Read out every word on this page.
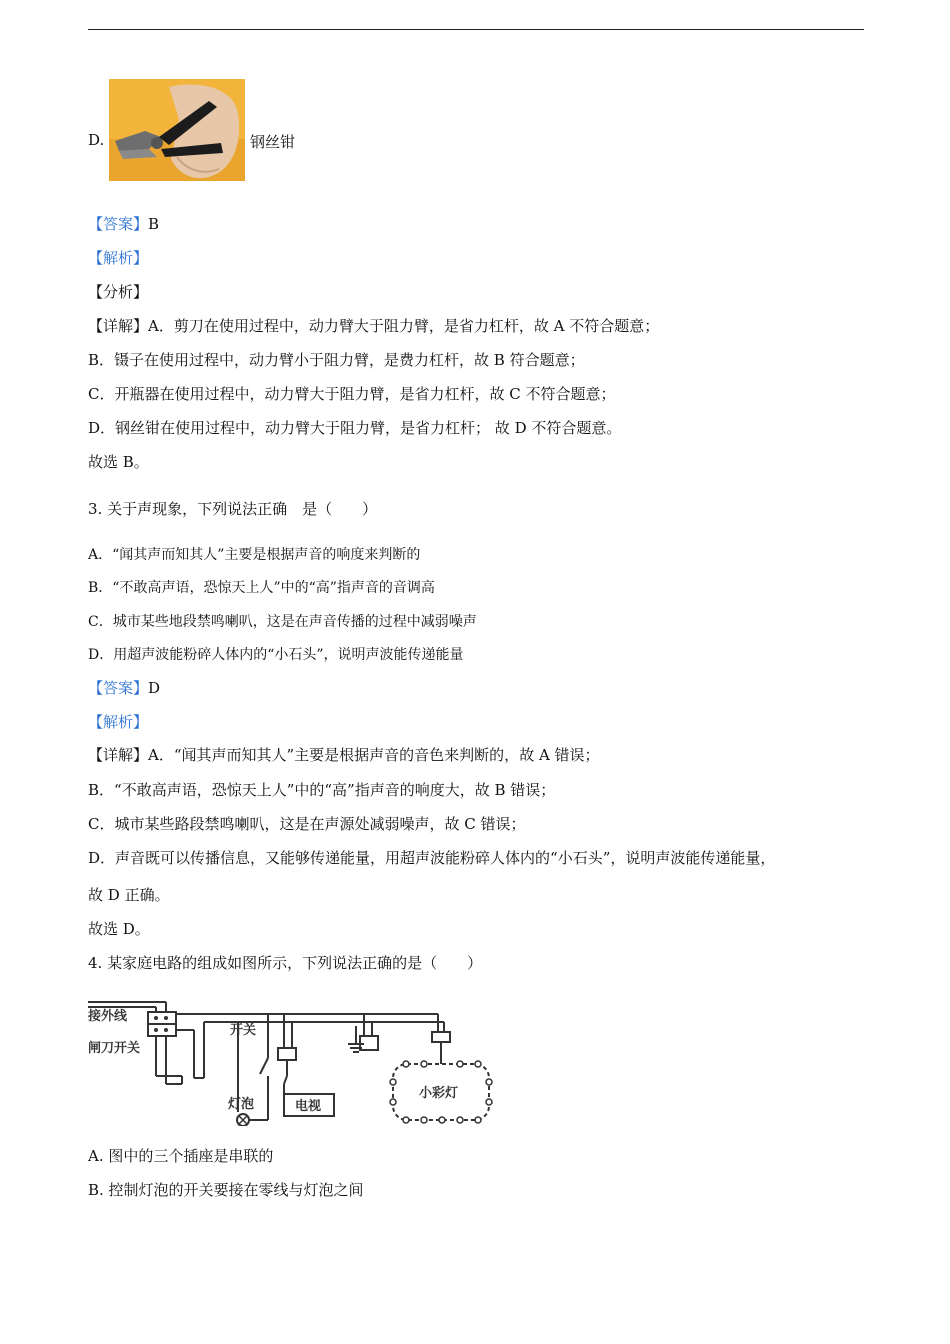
D.	钢丝钳
【答案】B
【解析】
【分析】
【详解】A．剪刀在使用过程中，动力臂大于阻力臂，是省力杠杆，故 A 不符合题意；
B．镊子在使用过程中，动力臂小于阻力臂，是费力杠杆，故 B 符合题意；
C．开瓶器在使用过程中，动力臂大于阻力臂，是省力杠杆，故 C 不符合题意；
D．钢丝钳在使用过程中，动力臂大于阻力臂，是省力杠杆； 故 D 不符合题意。
故选 B。
3. 关于声现象，下列说法正确　是（　　）
A．“闻其声而知其人”主要是根据声音的响度来判断的
B．“不敢高声语，恐惊天上人”中的“高”指声音的音调高
C．城市某些地段禁鸣喇叭，这是在声音传播的过程中减弱噪声
D．用超声波能粉碎人体内的“小石头”，说明声波能传递能量
【答案】D
【解析】
【详解】A．“闻其声而知其人”主要是根据声音的音色来判断的，故 A 错误；
B．“不敢高声语，恐惊天上人”中的“高”指声音的响度大，故 B 错误；
C．城市某些路段禁鸣喇叭，这是在声源处减弱噪声，故 C 错误；
D．声音既可以传播信息，又能够传递能量，用超声波能粉碎人体内的“小石头”，说明声波能传递能量，
故 D 正确。
故选 D。
4. 某家庭电路的组成如图所示，下列说法正确的是（　　）
接外线
闸刀开关
开关
灯泡	电视
小彩灯
A. 图中的三个插座是串联的
B. 控制灯泡的开关要接在零线与灯泡之间
